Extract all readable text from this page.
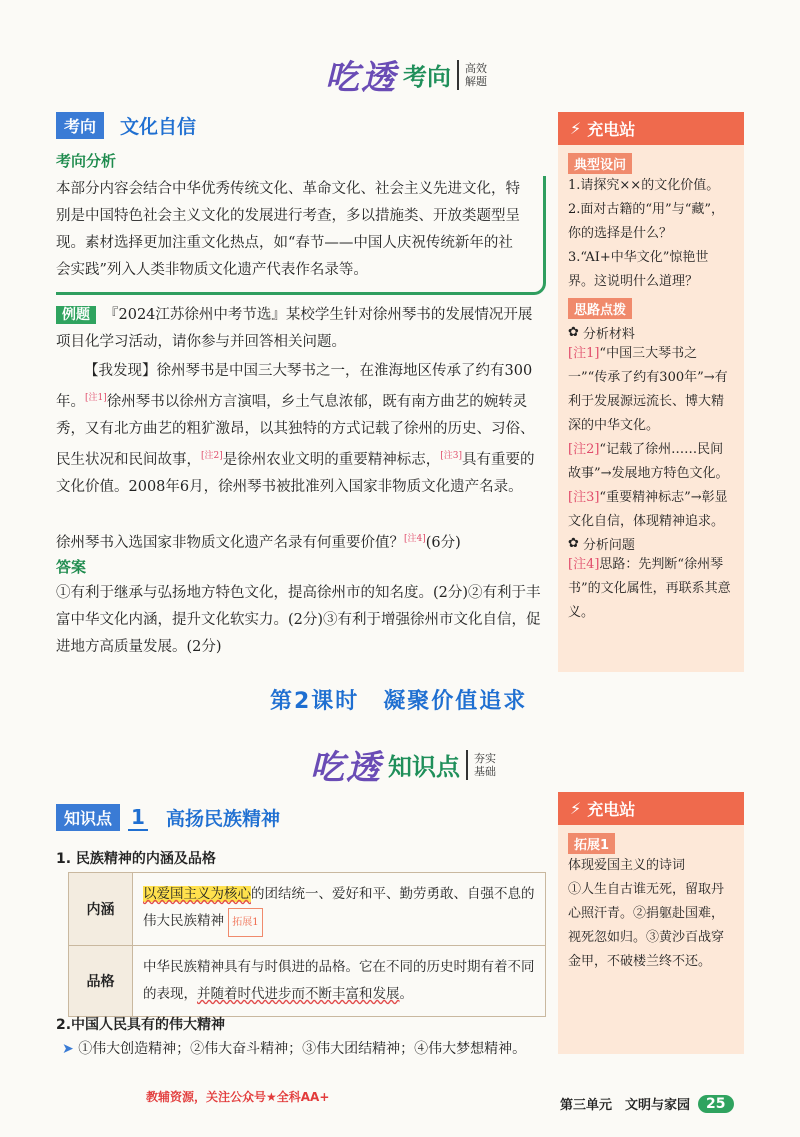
吃透 考向 高效
解题
考向	文化自信
考向分析
本部分内容会结合中华优秀传统文化、革命文化、社会主义先进文化，特别是中国特色社会主义文化的发展进行考查，多以措施类、开放类题型呈现。素材选择更加注重文化热点，如“春节——中国人庆祝传统新年的社会实践”列入人类非物质文化遗产代表作名录等。
例题 『2024江苏徐州中考节选』某校学生针对徐州琴书的发展情况开展项目化学习活动，请你参与并回答相关问题。
【我发现】徐州琴书是中国三大琴书之一，在淮海地区传承了约有300年。[注1]徐州琴书以徐州方言演唱，乡土气息浓郁，既有南方曲艺的婉转灵秀，又有北方曲艺的粗犷激昂，以其独特的方式记载了徐州的历史、习俗、民生状况和民间故事，[注2]是徐州农业文明的重要精神标志，[注3]具有重要的文化价值。2008年6月，徐州琴书被批准列入国家非物质文化遗产名录。
徐州琴书入选国家非物质文化遗产名录有何重要价值？[注4](6分)
答案
①有利于继承与弘扬地方特色文化，提高徐州市的知名度。(2分)②有利于丰富中华文化内涵，提升文化软实力。(2分)③有利于增强徐州市文化自信，促进地方高质量发展。(2分)
⚡ 充电站
典型设问
1.请探究××的文化价值。
2.面对古籍的“用”与“藏”，你的选择是什么？
3.“AI+中华文化”惊艳世界。这说明什么道理？
思路点拨
✿ 分析材料
[注1]“中国三大琴书之一”“传承了约有300年”→有利于发展源远流长、博大精深的中华文化。
[注2]“记载了徐州……民间故事”→发展地方特色文化。
[注3]“重要精神标志”→彰显文化自信，体现精神追求。
✿ 分析问题
[注4]思路：先判断“徐州琴书”的文化属性，再联系其意义。
第2课时　凝聚价值追求
吃透 知识点 夯实
基础
知识点 1 高扬民族精神
1. 民族精神的内涵及品格
内涵	以爱国主义为核心的团结统一、爱好和平、勤劳勇敢、自强不息的伟大民族精神 拓展1
品格	中华民族精神具有与时俱进的品格。它在不同的历史时期有着不同的表现，并随着时代进步而不断丰富和发展。
2.中国人民具有的伟大精神
➤ ①伟大创造精神；②伟大奋斗精神；③伟大团结精神；④伟大梦想精神。
⚡ 充电站
拓展1
体现爱国主义的诗词
①人生自古谁无死，留取丹心照汗青。②捐躯赴国难，视死忽如归。③黄沙百战穿金甲，不破楼兰终不还。
教辅资源，关注公众号★全科AA+
第三单元　文明与家园	25
